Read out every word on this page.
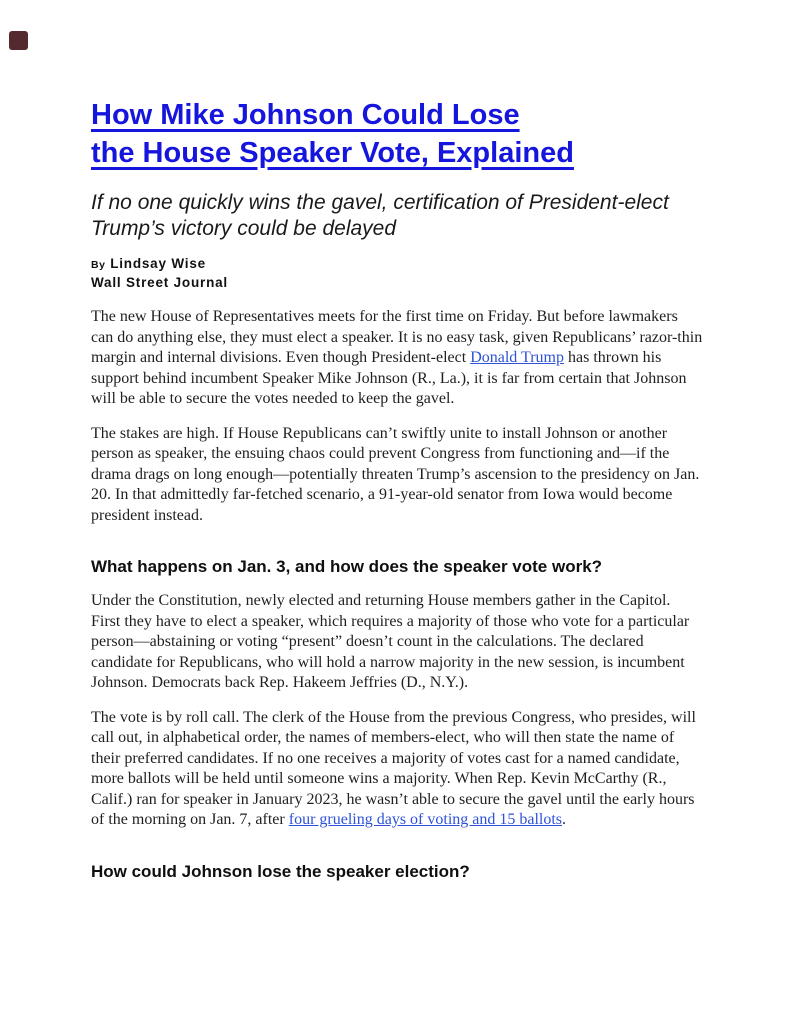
How Mike Johnson Could Lose
the House Speaker Vote, Explained

If no one quickly wins the gavel, certification of President-elect Trump’s victory could be delayed

By Lindsay Wise
Wall Street Journal

The new House of Representatives meets for the first time on Friday. But before lawmakers can do anything else, they must elect a speaker. It is no easy task, given Republicans’ razor-thin margin and internal divisions. Even though President-elect Donald Trump has thrown his support behind incumbent Speaker Mike Johnson (R., La.), it is far from certain that Johnson will be able to secure the votes needed to keep the gavel.

The stakes are high. If House Republicans can’t swiftly unite to install Johnson or another person as speaker, the ensuing chaos could prevent Congress from functioning and—if the drama drags on long enough—potentially threaten Trump’s ascension to the presidency on Jan. 20. In that admittedly far-fetched scenario, a 91-year-old senator from Iowa would become president instead.

What happens on Jan. 3, and how does the speaker vote work?

Under the Constitution, newly elected and returning House members gather in the Capitol. First they have to elect a speaker, which requires a majority of those who vote for a particular person—abstaining or voting “present” doesn’t count in the calculations. The declared candidate for Republicans, who will hold a narrow majority in the new session, is incumbent Johnson. Democrats back Rep. Hakeem Jeffries (D., N.Y.).

The vote is by roll call. The clerk of the House from the previous Congress, who presides, will call out, in alphabetical order, the names of members-elect, who will then state the name of their preferred candidates. If no one receives a majority of votes cast for a named candidate, more ballots will be held until someone wins a majority. When Rep. Kevin McCarthy (R., Calif.) ran for speaker in January 2023, he wasn’t able to secure the gavel until the early hours of the morning on Jan. 7, after four grueling days of voting and 15 ballots.

How could Johnson lose the speaker election?
